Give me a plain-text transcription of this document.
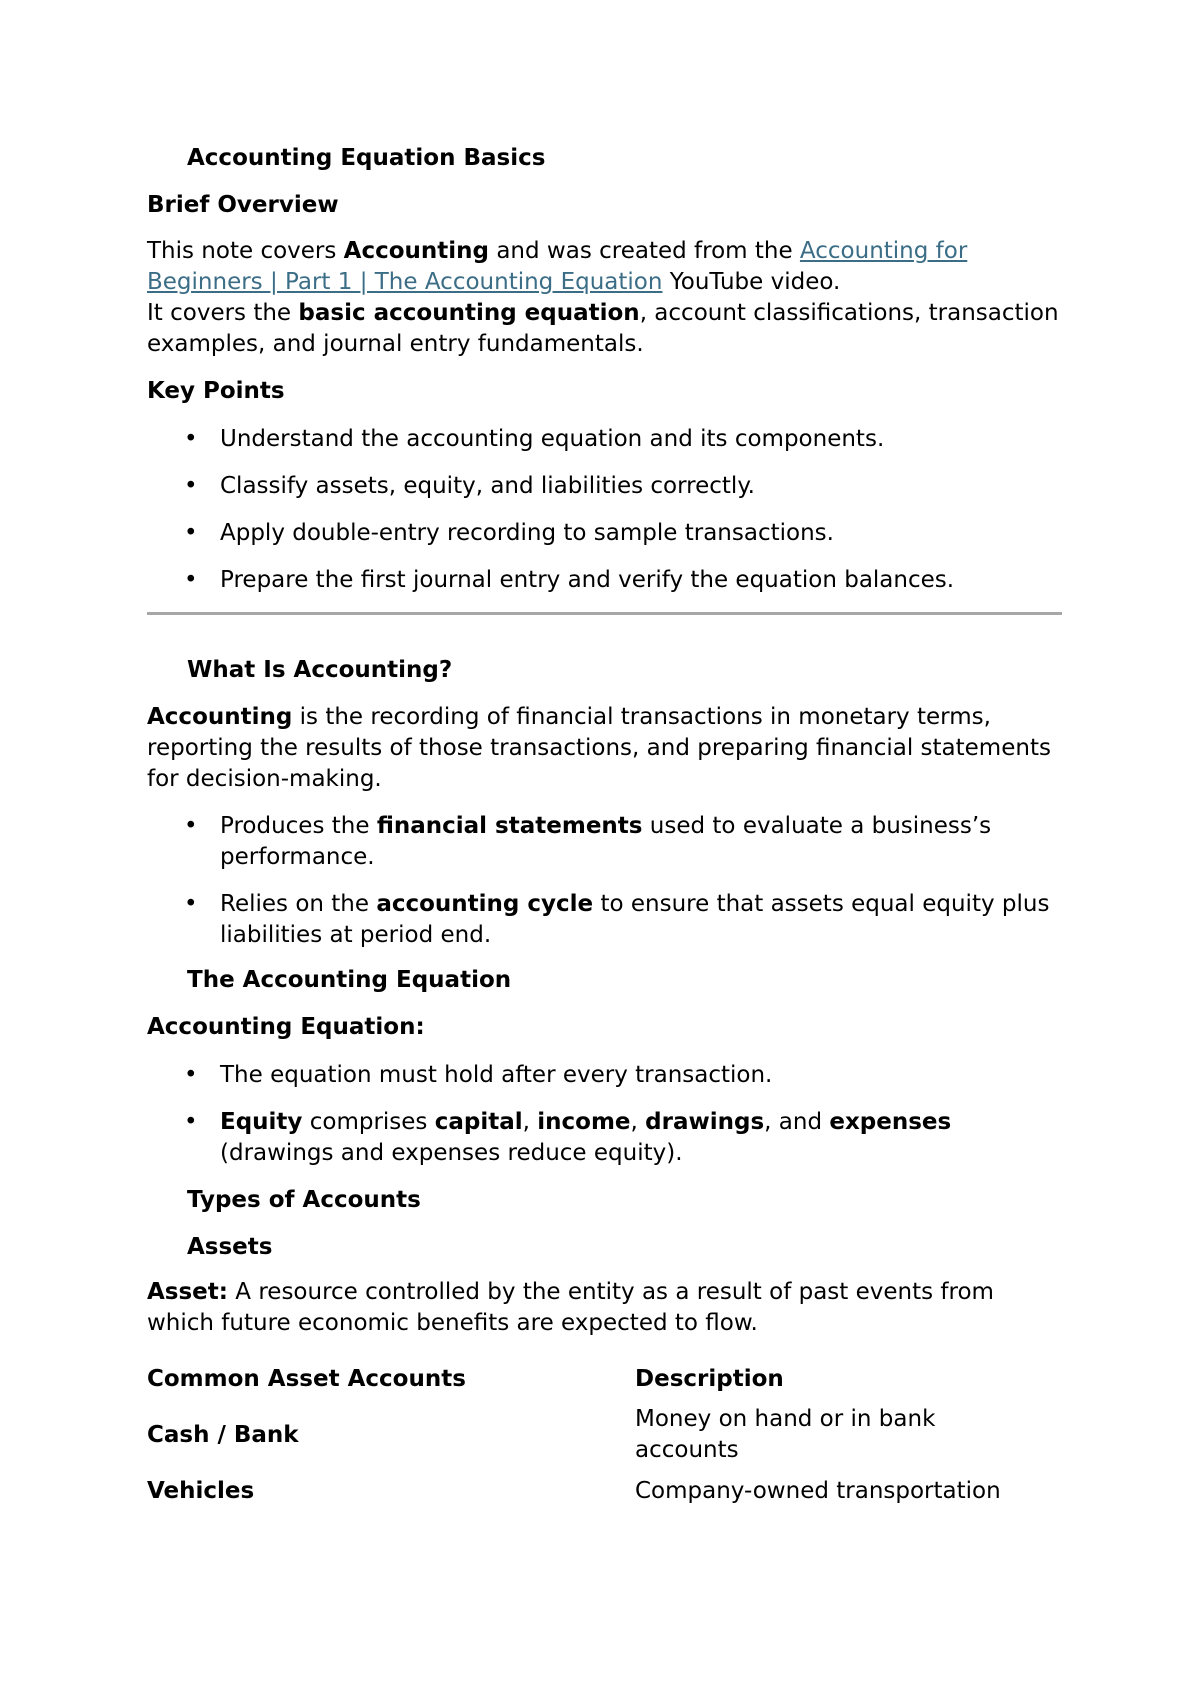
Accounting Equation Basics
Brief Overview

This note covers Accounting and was created from the Accounting for Beginners | Part 1 | The Accounting Equation YouTube video.
It covers the basic accounting equation, account classifications, transaction examples, and journal entry fundamentals.

Key Points
• Understand the accounting equation and its components.
• Classify assets, equity, and liabilities correctly.
• Apply double-entry recording to sample transactions.
• Prepare the first journal entry and verify the equation balances.
What Is Accounting?

Accounting is the recording of financial transactions in monetary terms, reporting the results of those transactions, and preparing financial statements for decision-making.

• Produces the financial statements used to evaluate a business’s performance.
• Relies on the accounting cycle to ensure that assets equal equity plus liabilities at period end.
The Accounting Equation
Accounting Equation:
• The equation must hold after every transaction.
• Equity comprises capital, income, drawings, and expenses (drawings and expenses reduce equity).
Types of Accounts
Assets

Asset: A resource controlled by the entity as a result of past events from which future economic benefits are expected to flow.

Common Asset Accounts	Description
Cash / Bank	Money on hand or in bank accounts
Vehicles	Company-owned transportation
